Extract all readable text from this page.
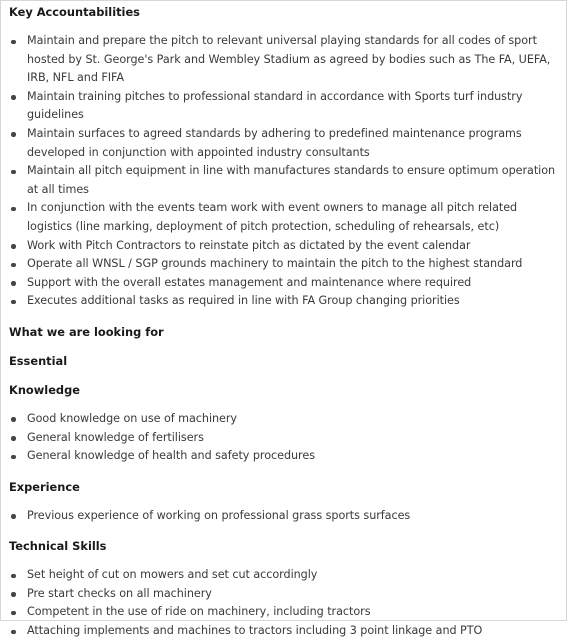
Key Accountabilities
Maintain and prepare the pitch to relevant universal playing standards for all codes of sport hosted by St. George's Park and Wembley Stadium as agreed by bodies such as The FA, UEFA, IRB, NFL and FIFA
Maintain training pitches to professional standard in accordance with Sports turf industry guidelines
Maintain surfaces to agreed standards by adhering to predefined maintenance programs developed in conjunction with appointed industry consultants
Maintain all pitch equipment in line with manufactures standards to ensure optimum operation at all times
In conjunction with the events team work with event owners to manage all pitch related logistics (line marking, deployment of pitch protection, scheduling of rehearsals, etc)
Work with Pitch Contractors to reinstate pitch as dictated by the event calendar
Operate all WNSL / SGP grounds machinery to maintain the pitch to the highest standard
Support with the overall estates management and maintenance where required
Executes additional tasks as required in line with FA Group changing priorities
What we are looking for
Essential
Knowledge
Good knowledge on use of machinery
General knowledge of fertilisers
General knowledge of health and safety procedures
Experience
Previous experience of working on professional grass sports surfaces
Technical Skills
Set height of cut on mowers and set cut accordingly
Pre start checks on all machinery
Competent in the use of ride on machinery, including tractors
Attaching implements and machines to tractors including 3 point linkage and PTO
